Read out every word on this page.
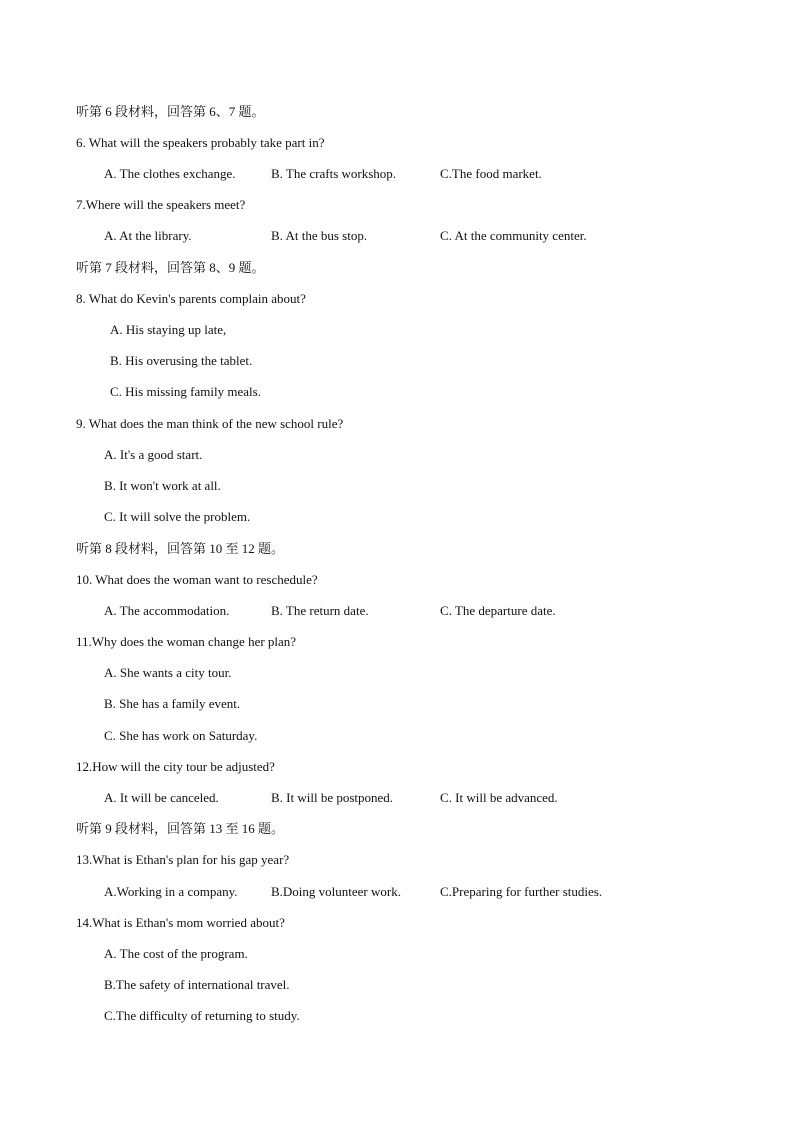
听第 6 段材料，回答第 6、7 题。
6. What will the speakers probably take part in?
A. The clothes exchange.	B. The crafts workshop.	C.The food market.
7.Where will the speakers meet?
A. At the library.	B. At the bus stop.	C. At the community center.
听第 7 段材料，回答第 8、9 题。
8. What do Kevin's parents complain about?
A. His staying up late,
B. His overusing the tablet.
C. His missing family meals.
9. What does the man think of the new school rule?
A. It's a good start.
B. It won't work at all.
C. It will solve the problem.
听第 8 段材料，回答第 10 至 12 题。
10. What does the woman want to reschedule?
A. The accommodation.	B. The return date.	C. The departure date.
11.Why does the woman change her plan?
A. She wants a city tour.
B. She has a family event.
C. She has work on Saturday.
12.How will the city tour be adjusted?
A. It will be canceled.	B. It will be postponed.	C. It will be advanced.
听第 9 段材料，回答第 13 至 16 题。
13.What is Ethan's plan for his gap year?
A.Working in a company.	B.Doing volunteer work.	C.Preparing for further studies.
14.What is Ethan's mom worried about?
A. The cost of the program.
B.The safety of international travel.
C.The difficulty of returning to study.
